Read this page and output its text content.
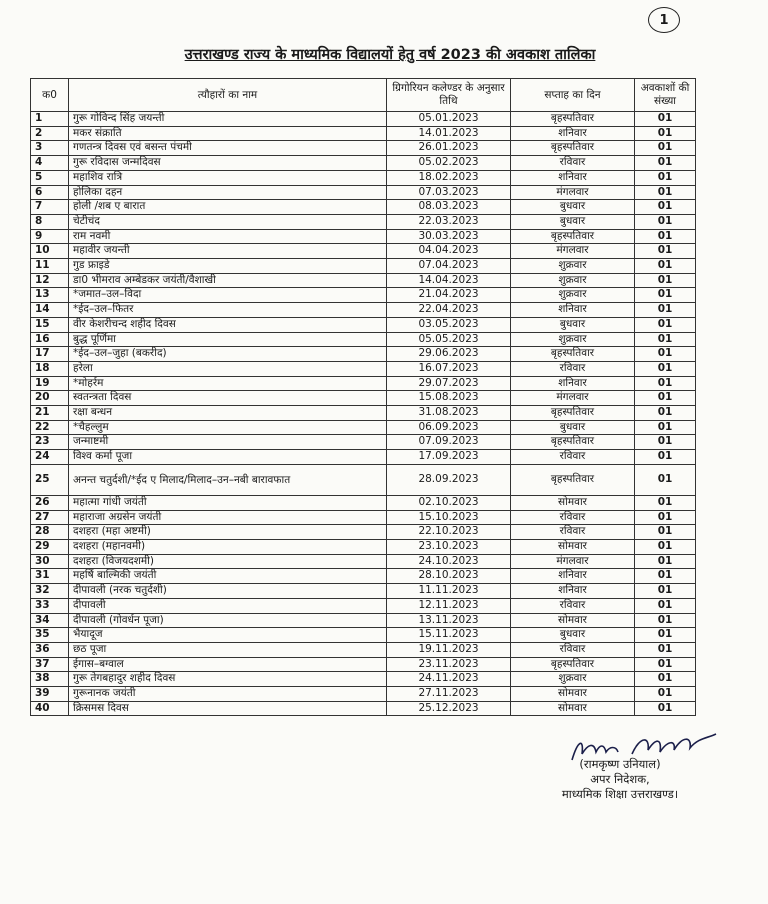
1
उत्तराखण्ड राज्य के माध्यमिक विद्यालयों हेतु वर्ष 2023 की अवकाश तालिका
क0	त्यौहारों का नाम	ग्रिगोरियन कलेण्डर के अनुसार तिथि	सप्ताह का दिन	अवकाशों की संख्या
1	गुरू गोविन्द सिंह जयन्ती	05.01.2023	बृहस्पतिवार	01
2	मकर संक्राति	14.01.2023	शनिवार	01
3	गणतन्त्र दिवस एवं बसन्त पंचमी	26.01.2023	बृहस्पतिवार	01
4	गुरू रविदास जन्मदिवस	05.02.2023	रविवार	01
5	महाशिव रात्रि	18.02.2023	शनिवार	01
6	होलिका दहन	07.03.2023	मंगलवार	01
7	होली /शब ए बारात	08.03.2023	बुधवार	01
8	चेटीचंद	22.03.2023	बुधवार	01
9	राम नवमी	30.03.2023	बृहस्पतिवार	01
10	महावीर जयन्ती	04.04.2023	मंगलवार	01
11	गुड फ्राइडे	07.04.2023	शुक्रवार	01
12	डा0 भीमराव अम्बेडकर जयंती/वैशाखी	14.04.2023	शुक्रवार	01
13	*जमात–उल–विदा	21.04.2023	शुक्रवार	01
14	*ईद–उल–फितर	22.04.2023	शनिवार	01
15	वीर केशरीचन्द शहीद दिवस	03.05.2023	बुधवार	01
16	बुद्ध पूर्णिमा	05.05.2023	शुक्रवार	01
17	*ईद–उल–जुहा (बकरीद)	29.06.2023	बृहस्पतिवार	01
18	हरेला	16.07.2023	रविवार	01
19	*मोहर्रम	29.07.2023	शनिवार	01
20	स्वतन्त्रता दिवस	15.08.2023	मंगलवार	01
21	रक्षा बन्धन	31.08.2023	बृहस्पतिवार	01
22	*चैहल्लुम	06.09.2023	बुधवार	01
23	जन्माष्टमी	07.09.2023	बृहस्पतिवार	01
24	विश्व कर्मा पूजा	17.09.2023	रविवार	01
25	अनन्त चतुर्दशी/*ईद ए मिलाद/मिलाद–उन–नबी बारावफात	28.09.2023	बृहस्पतिवार	01
26	महात्मा गांधी जयंती	02.10.2023	सोमवार	01
27	महाराजा अग्रसेन जयंती	15.10.2023	रविवार	01
28	दशहरा (महा अष्टमी)	22.10.2023	रविवार	01
29	दशहरा (महानवमी)	23.10.2023	सोमवार	01
30	दशहरा (विजयदशमी)	24.10.2023	मंगलवार	01
31	महर्षि बाल्मिकी जयंती	28.10.2023	शनिवार	01
32	दीपावली (नरक चतुर्दशी)	11.11.2023	शनिवार	01
33	दीपावली	12.11.2023	रविवार	01
34	दीपावली (गोवर्धन पूजा)	13.11.2023	सोमवार	01
35	भैयादूज	15.11.2023	बुधवार	01
36	छठ पूजा	19.11.2023	रविवार	01
37	ईगास–बग्वाल	23.11.2023	बृहस्पतिवार	01
38	गुरू तेगबहादुर शहीद दिवस	24.11.2023	शुक्रवार	01
39	गुरूनानक जयंती	27.11.2023	सोमवार	01
40	क्रिसमस दिवस	25.12.2023	सोमवार	01
(रामकृष्ण उनियाल)
अपर निदेशक,
माध्यमिक शिक्षा उत्तराखण्ड।
